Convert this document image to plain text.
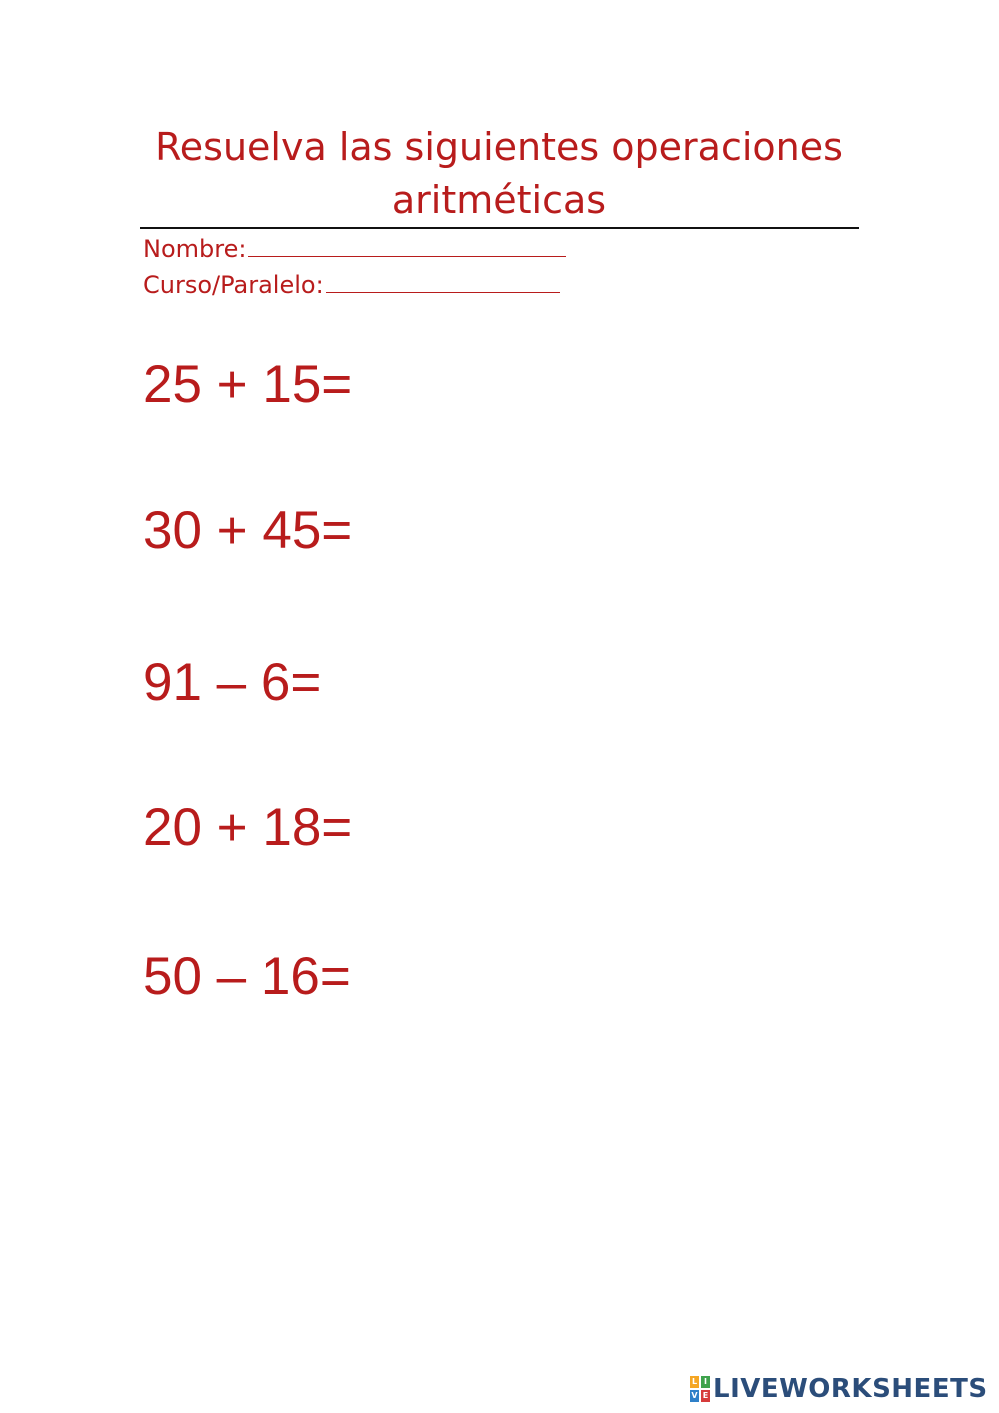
Resuelva las siguientes operaciones
aritméticas
Nombre:
Curso/Paralelo:
25 + 15=
30 + 45=
91 – 6=
20 + 18=
50 – 16=
L I
V E LIVEWORKSHEETS
